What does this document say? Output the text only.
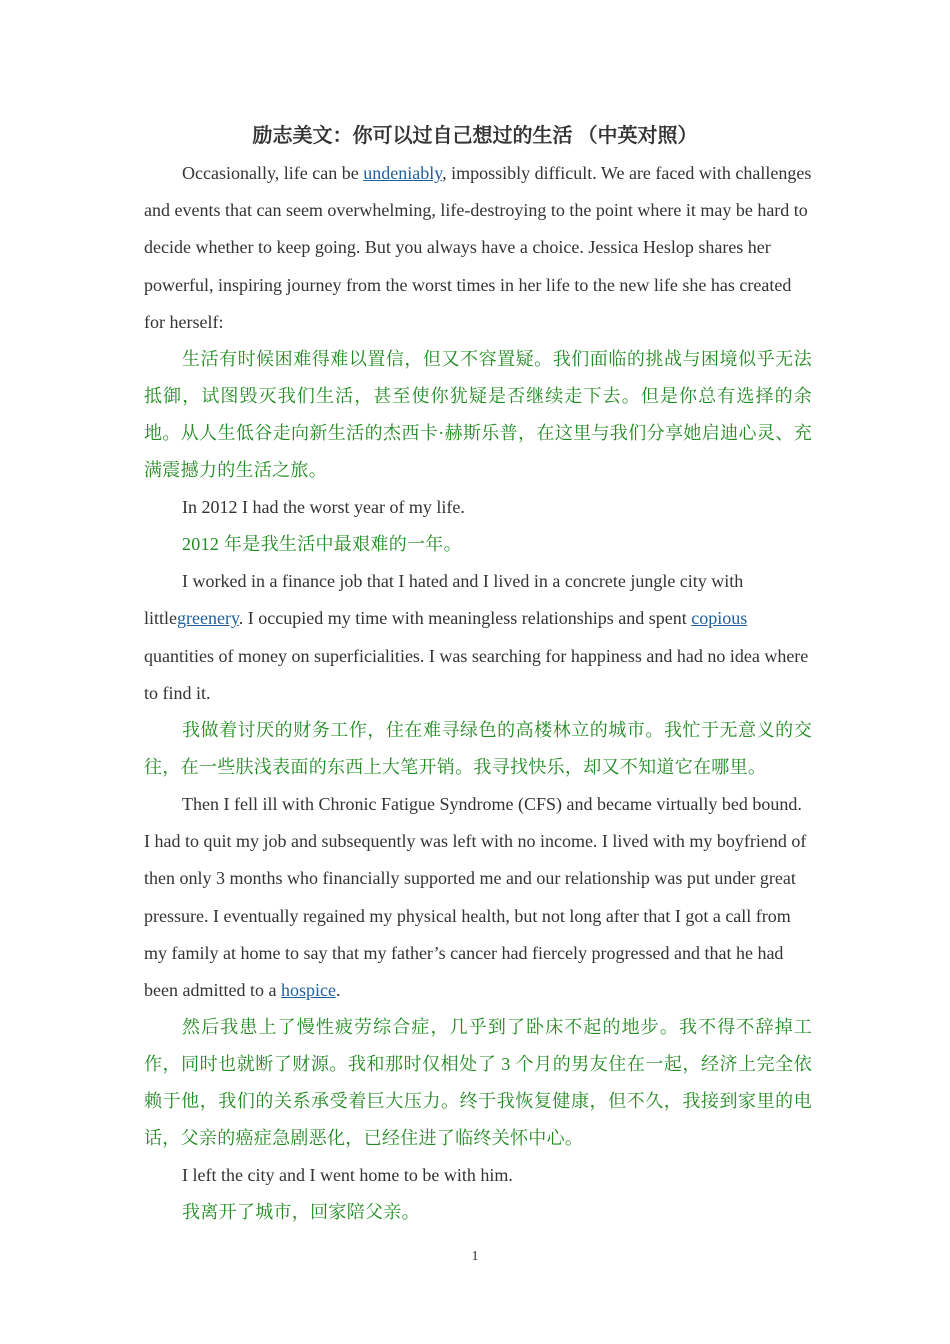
励志美文：你可以过自己想过的生活 （中英对照）

Occasionally, life can be undeniably, impossibly difficult. We are faced with challenges and events that can seem overwhelming, life-destroying to the point where it may be hard to decide whether to keep going. But you always have a choice. Jessica Heslop shares her powerful, inspiring journey from the worst times in her life to the new life she has created for herself:

生活有时候困难得难以置信，但又不容置疑。我们面临的挑战与困境似乎无法抵御，试图毁灭我们生活，甚至使你犹疑是否继续走下去。但是你总有选择的余地。从人生低谷走向新生活的杰西卡·赫斯乐普，在这里与我们分享她启迪心灵、充满震撼力的生活之旅。

In 2012 I had the worst year of my life.

2012 年是我生活中最艰难的一年。

I worked in a finance job that I hated and I lived in a concrete jungle city with littlegreenery. I occupied my time with meaningless relationships and spent copious quantities of money on superficialities. I was searching for happiness and had no idea where to find it.

我做着讨厌的财务工作，住在难寻绿色的高楼林立的城市。我忙于无意义的交往，在一些肤浅表面的东西上大笔开销。我寻找快乐，却又不知道它在哪里。

Then I fell ill with Chronic Fatigue Syndrome (CFS) and became virtually bed bound. I had to quit my job and subsequently was left with no income. I lived with my boyfriend of then only 3 months who financially supported me and our relationship was put under great pressure. I eventually regained my physical health, but not long after that I got a call from my family at home to say that my father’s cancer had fiercely progressed and that he had been admitted to a hospice.

然后我患上了慢性疲劳综合症，几乎到了卧床不起的地步。我不得不辞掉工作，同时也就断了财源。我和那时仅相处了 3 个月的男友住在一起，经济上完全依赖于他，我们的关系承受着巨大压力。终于我恢复健康，但不久，我接到家里的电话，父亲的癌症急剧恶化，已经住进了临终关怀中心。

I left the city and I went home to be with him.

我离开了城市，回家陪父亲。

1
